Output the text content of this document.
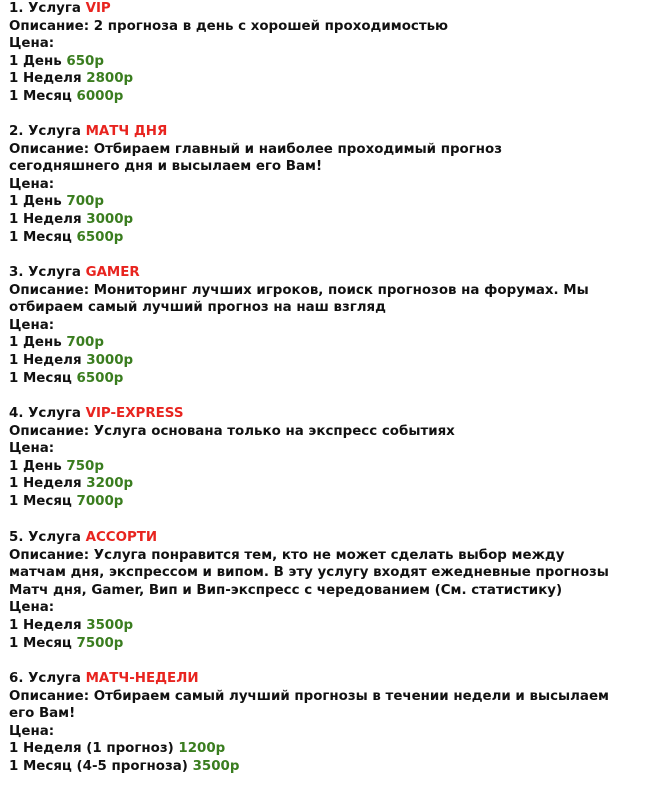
1. Услуга VIP
Описание: 2 прогноза в день с хорошей проходимостью
Цена:
1 День 650р
1 Неделя 2800р
1 Месяц 6000р
2. Услуга МАТЧ ДНЯ
Описание: Отбираем главный и наиболее проходимый прогноз
сегодняшнего дня и высылаем его Вам!
Цена:
1 День 700р
1 Неделя 3000р
1 Месяц 6500р
3. Услуга GAMER
Описание: Мониторинг лучших игроков, поиск прогнозов на форумах. Мы
отбираем самый лучший прогноз на наш взгляд
Цена:
1 День 700р
1 Неделя 3000р
1 Месяц 6500р
4. Услуга VIP-EXPRESS
Описание: Услуга основана только на экспресс событиях
Цена:
1 День 750р
1 Неделя 3200р
1 Месяц 7000р
5. Услуга АССОРТИ
Описание: Услуга понравится тем, кто не может сделать выбор между
матчам дня, экспрессом и випом. В эту услугу входят ежедневные прогнозы
Матч дня, Gamer, Вип и Вип-экспресс с чередованием (См. статистику)
Цена:
1 Неделя 3500р
1 Месяц 7500р
6. Услуга МАТЧ-НЕДЕЛИ
Описание: Отбираем самый лучший прогнозы в течении недели и высылаем
его Вам!
Цена:
1 Неделя (1 прогноз) 1200р
1 Месяц (4-5 прогноза) 3500р
